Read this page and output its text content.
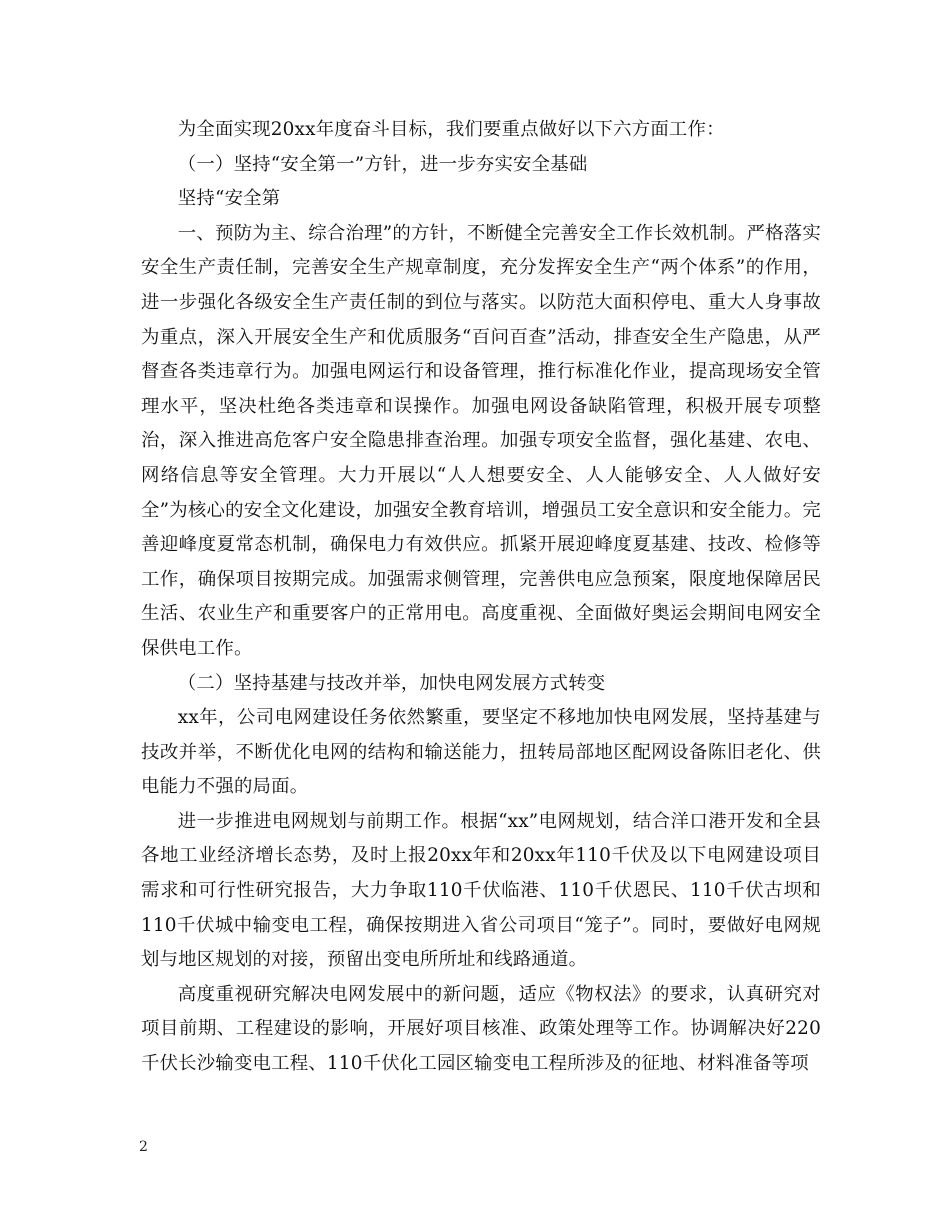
为全面实现20xx年度奋斗目标，我们要重点做好以下六方面工作：

（一）坚持“安全第一”方针，进一步夯实安全基础

坚持“安全第

一、预防为主、综合治理”的方针，不断健全完善安全工作长效机制。严格落实安全生产责任制，完善安全生产规章制度，充分发挥安全生产“两个体系”的作用，进一步强化各级安全生产责任制的到位与落实。以防范大面积停电、重大人身事故为重点，深入开展安全生产和优质服务“百问百查”活动，排查安全生产隐患，从严督查各类违章行为。加强电网运行和设备管理，推行标准化作业，提高现场安全管理水平，坚决杜绝各类违章和误操作。加强电网设备缺陷管理，积极开展专项整治，深入推进高危客户安全隐患排查治理。加强专项安全监督，强化基建、农电、网络信息等安全管理。大力开展以“人人想要安全、人人能够安全、人人做好安全”为核心的安全文化建设，加强安全教育培训，增强员工安全意识和安全能力。完善迎峰度夏常态机制，确保电力有效供应。抓紧开展迎峰度夏基建、技改、检修等工作，确保项目按期完成。加强需求侧管理，完善供电应急预案，限度地保障居民生活、农业生产和重要客户的正常用电。高度重视、全面做好奥运会期间电网安全保供电工作。

（二）坚持基建与技改并举，加快电网发展方式转变

xx年，公司电网建设任务依然繁重，要坚定不移地加快电网发展，坚持基建与技改并举，不断优化电网的结构和输送能力，扭转局部地区配网设备陈旧老化、供电能力不强的局面。

进一步推进电网规划与前期工作。根据“xx”电网规划，结合洋口港开发和全县各地工业经济增长态势，及时上报20xx年和20xx年110千伏及以下电网建设项目需求和可行性研究报告，大力争取110千伏临港、110千伏恩民、110千伏古坝和110千伏城中输变电工程，确保按期进入省公司项目“笼子”。同时，要做好电网规划与地区规划的对接，预留出变电所所址和线路通道。

高度重视研究解决电网发展中的新问题，适应《物权法》的要求，认真研究对项目前期、工程建设的影响，开展好项目核准、政策处理等工作。协调解决好220千伏长沙输变电工程、110千伏化工园区输变电工程所涉及的征地、材料准备等项

2
